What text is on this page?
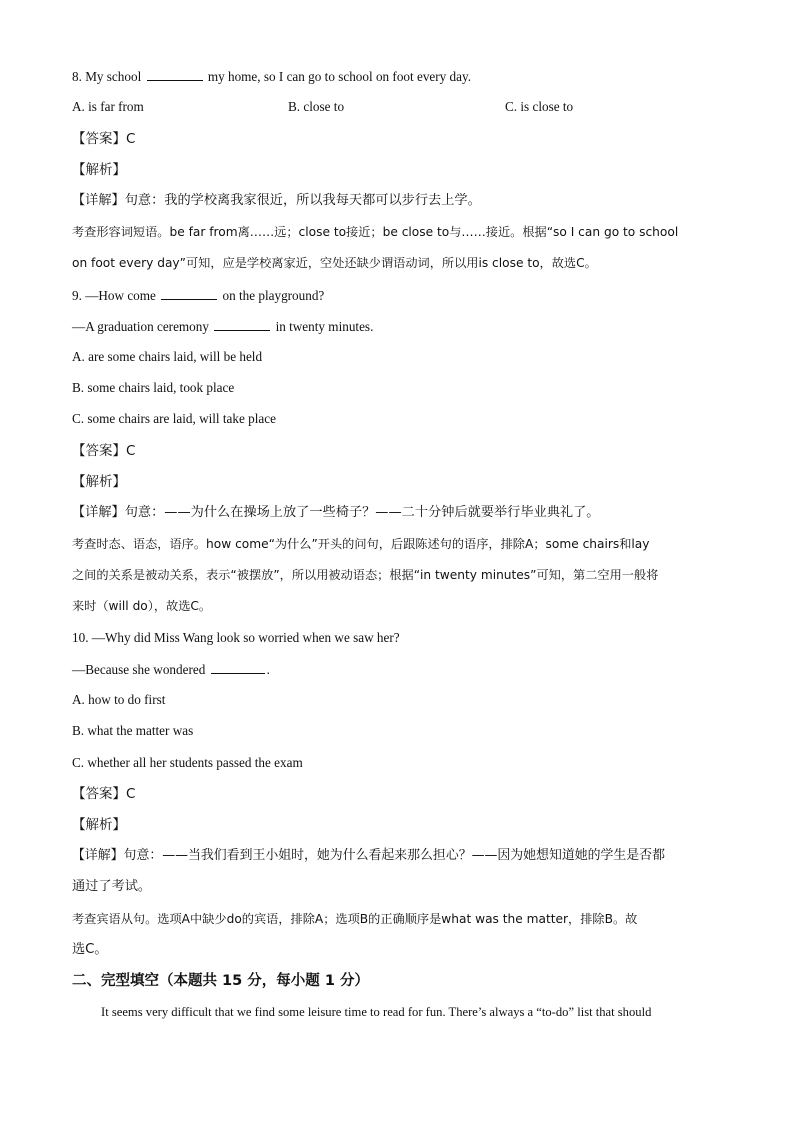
8. My school	my home, so I can go to school on foot every day.
A. is far from	B. close to	C. is close to
【答案】C
【解析】
【详解】句意：我的学校离我家很近，所以我每天都可以步行去上学。
考查形容词短语。be far from离……远；close to接近；be close to与……接近。根据“so I can go to school
on foot every day”可知，应是学校离家近，空处还缺少谓语动词，所以用is close to，故选C。
9. —How come	on the playground?
—A graduation ceremony	in twenty minutes.
A. are some chairs laid, will be held
B. some chairs laid, took place
C. some chairs are laid, will take place
【答案】C
【解析】
【详解】句意：——为什么在操场上放了一些椅子？——二十分钟后就要举行毕业典礼了。
考查时态、语态，语序。how come“为什么”开头的问句，后跟陈述句的语序，排除A；some chairs和lay
之间的关系是被动关系，表示“被摆放”，所以用被动语态；根据“in twenty minutes”可知，第二空用一般将
来时（will do），故选C。
10. —Why did Miss Wang look so worried when we saw her?
—Because she wondered	.
A. how to do first
B. what the matter was
C. whether all her students passed the exam
【答案】C
【解析】
【详解】句意：——当我们看到王小姐时，她为什么看起来那么担心？——因为她想知道她的学生是否都
通过了考试。
考查宾语从句。选项A中缺少do的宾语，排除A；选项B的正确顺序是what was the matter，排除B。故
选C。
二、完型填空（本题共 15 分，每小题 1 分）
It seems very difficult that we find some leisure time to read for fun. There’s always a “to-do” list that should
